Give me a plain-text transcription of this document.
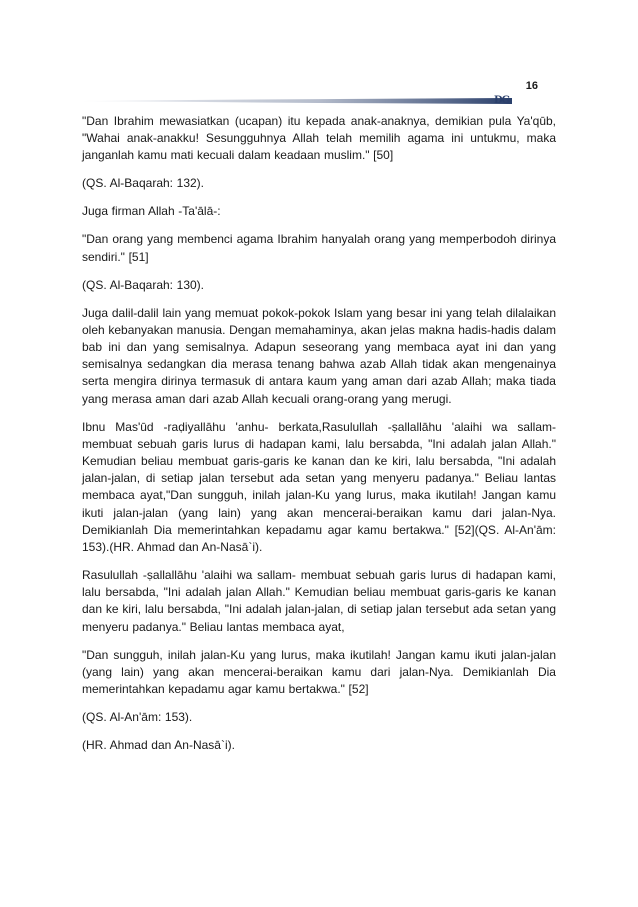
16
DG

"Dan Ibrahim mewasiatkan (ucapan) itu kepada anak-anaknya, demikian pula Ya'qūb, "Wahai anak-anakku! Sesungguhnya Allah telah memilih agama ini untukmu, maka janganlah kamu mati kecuali dalam keadaan muslim." [50]

(QS. Al-Baqarah: 132).

Juga firman Allah -Ta'ālā-:

"Dan orang yang membenci agama Ibrahim hanyalah orang yang memperbodoh dirinya sendiri." [51]

(QS. Al-Baqarah: 130).

Juga dalil-dalil lain yang memuat pokok-pokok Islam yang besar ini yang telah dilalaikan oleh kebanyakan manusia. Dengan memahaminya, akan jelas makna hadis-hadis dalam bab ini dan yang semisalnya. Adapun seseorang yang membaca ayat ini dan yang semisalnya sedangkan dia merasa tenang bahwa azab Allah tidak akan mengenainya serta mengira dirinya termasuk di antara kaum yang aman dari azab Allah; maka tiada yang merasa aman dari azab Allah kecuali orang-orang yang merugi.

Ibnu Mas'ūd -raḍiyallāhu 'anhu- berkata,Rasulullah -ṣallallāhu 'alaihi wa sallam- membuat sebuah garis lurus di hadapan kami, lalu bersabda, "Ini adalah jalan Allah." Kemudian beliau membuat garis-garis ke kanan dan ke kiri, lalu bersabda, "Ini adalah jalan-jalan, di setiap jalan tersebut ada setan yang menyeru padanya." Beliau lantas membaca ayat,"Dan sungguh, inilah jalan-Ku yang lurus, maka ikutilah! Jangan kamu ikuti jalan-jalan (yang lain) yang akan mencerai-beraikan kamu dari jalan-Nya. Demikianlah Dia memerintahkan kepadamu agar kamu bertakwa." [52](QS. Al-An'ām: 153).(HR. Ahmad dan An-Nasā`i).

Rasulullah -ṣallallāhu 'alaihi wa sallam- membuat sebuah garis lurus di hadapan kami, lalu bersabda, "Ini adalah jalan Allah." Kemudian beliau membuat garis-garis ke kanan dan ke kiri, lalu bersabda, "Ini adalah jalan-jalan, di setiap jalan tersebut ada setan yang menyeru padanya." Beliau lantas membaca ayat,

"Dan sungguh, inilah jalan-Ku yang lurus, maka ikutilah! Jangan kamu ikuti jalan-jalan (yang lain) yang akan mencerai-beraikan kamu dari jalan-Nya. Demikianlah Dia memerintahkan kepadamu agar kamu bertakwa." [52]

(QS. Al-An'ām: 153).

(HR. Ahmad dan An-Nasā`i).
